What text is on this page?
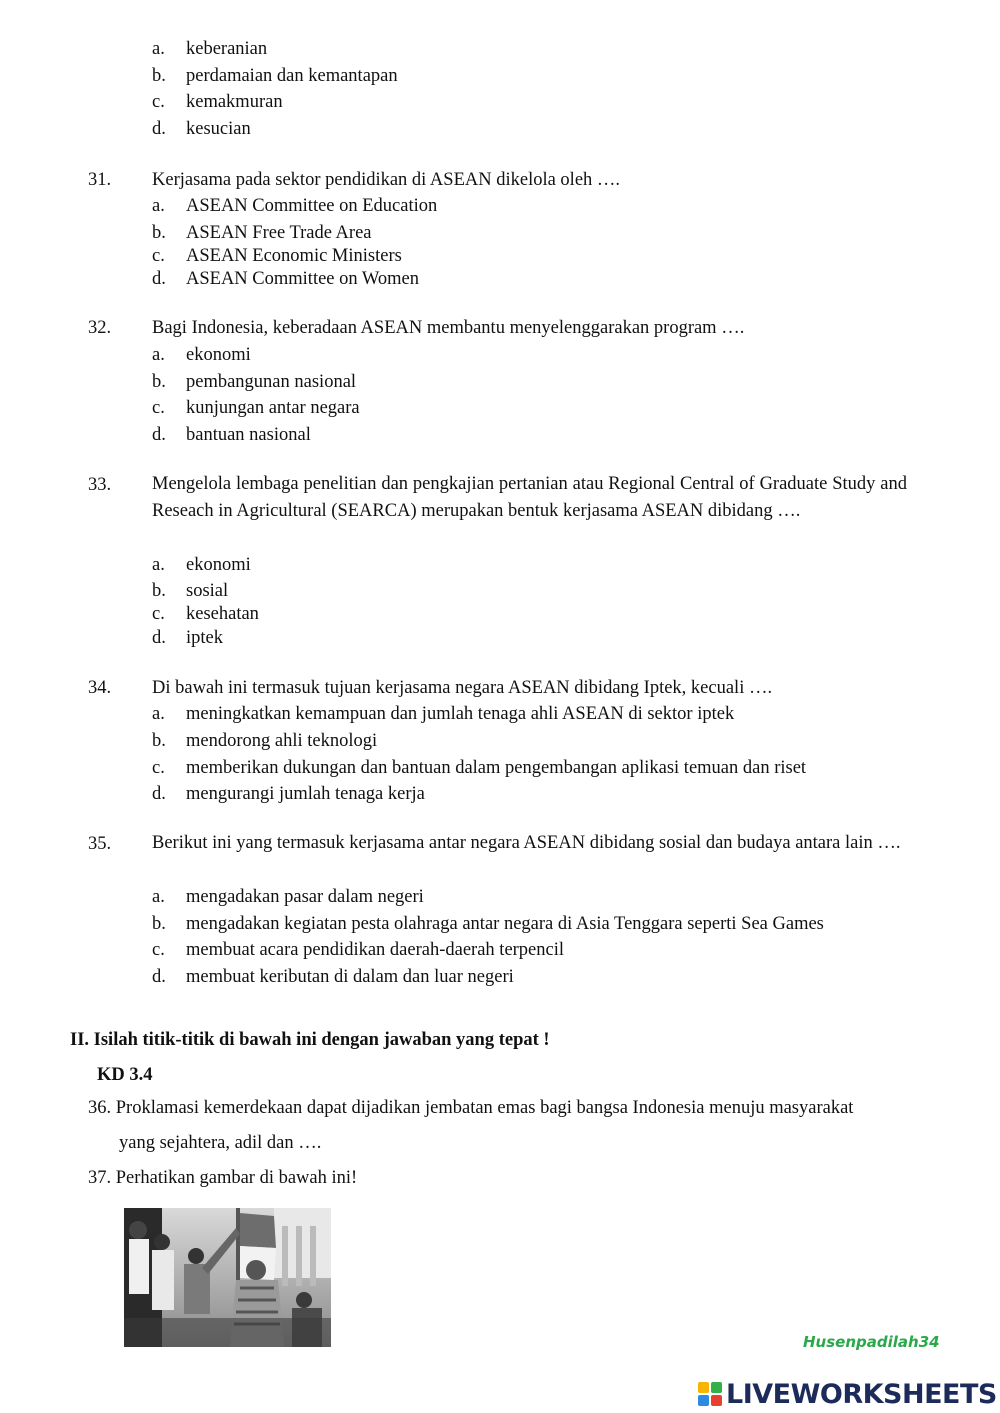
a. keberanian
b. perdamaian dan kemantapan
c. kemakmuran
d. kesucian
31. Kerjasama pada sektor pendidikan di ASEAN dikelola oleh ….
a. ASEAN Committee on Education
b. ASEAN Free Trade Area
c. ASEAN Economic Ministers
d. ASEAN Committee on Women
32. Bagi Indonesia, keberadaan ASEAN membantu menyelenggarakan program ….
a. ekonomi
b. pembangunan nasional
c. kunjungan antar negara
d. bantuan nasional
33. Mengelola lembaga penelitian dan pengkajian pertanian atau Regional Central of Graduate Study and Reseach in Agricultural (SEARCA) merupakan bentuk kerjasama ASEAN dibidang ….
a. ekonomi
b. sosial
c. kesehatan
d. iptek
34. Di bawah ini termasuk tujuan kerjasama negara ASEAN dibidang Iptek, kecuali ….
a. meningkatkan kemampuan dan jumlah tenaga ahli ASEAN di sektor iptek
b. mendorong ahli teknologi
c. memberikan dukungan dan bantuan dalam pengembangan aplikasi temuan dan riset
d. mengurangi jumlah tenaga kerja
35. Berikut ini yang termasuk kerjasama antar negara ASEAN dibidang sosial dan budaya antara lain ….
a. mengadakan pasar dalam negeri
b. mengadakan kegiatan pesta olahraga antar negara di Asia Tenggara seperti Sea Games
c. membuat acara pendidikan daerah-daerah terpencil
d. membuat keributan di dalam dan luar negeri
II. Isilah titik-titik di bawah ini dengan jawaban yang tepat !
KD 3.4
36. Proklamasi kemerdekaan dapat dijadikan jembatan emas bagi bangsa Indonesia menuju masyarakat
yang sejahtera, adil dan ….
37. Perhatikan gambar di bawah ini!
Husenpadilah34
LIVEWORKSHEETS
